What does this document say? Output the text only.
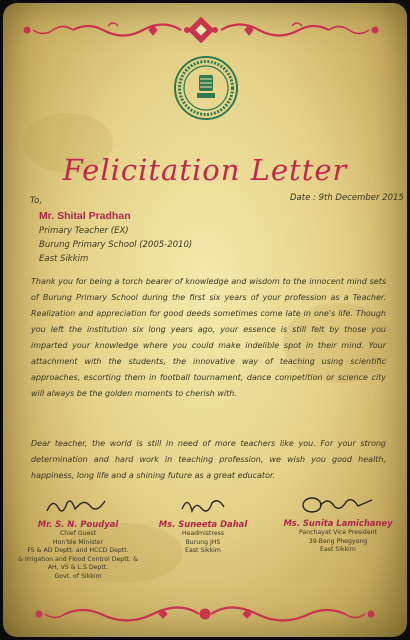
Felicitation Letter
To,	Date : 9th December 2015
Mr. Shital Pradhan
Primary Teacher (EX)
Burung Primary School (2005-2010)
East Sikkim
Thank you for being a torch bearer of knowledge and wisdom to the innocent mind sets of Burung Primary School during the first six years of your profession as a Teacher. Realization and appreciation for good deeds sometimes come late in one's life. Though you left the institution six long years ago, your essence is still felt by those you imparted your knowledge where you could make indelible spot in their mind. Your attachment with the students, the innovative way of teaching using scientific approaches, escorting them in football tournament, dance competition or science city will always be the golden moments to cherish with.
Dear teacher, the world is still in need of more teachers like you. For your strong determination and hard work in teaching profession, we wish you good health, happiness, long life and a shining future as a great educator.
Mr. S. N. Poudyal
Chief Guest
Hon'ble Minister
FS & AD Deptt. and HCCD Deptt.
& Irrigation and Flood Control Deptt. &
AH, VS & L.S Deptt.
Govt. of Sikkim
Ms. Suneeta Dahal
Headmistress
Burung JHS
East Sikkim
Ms. Sunita Lamichaney
Panchayat Vice President
39-Beng Phegyong
East Sikkim
